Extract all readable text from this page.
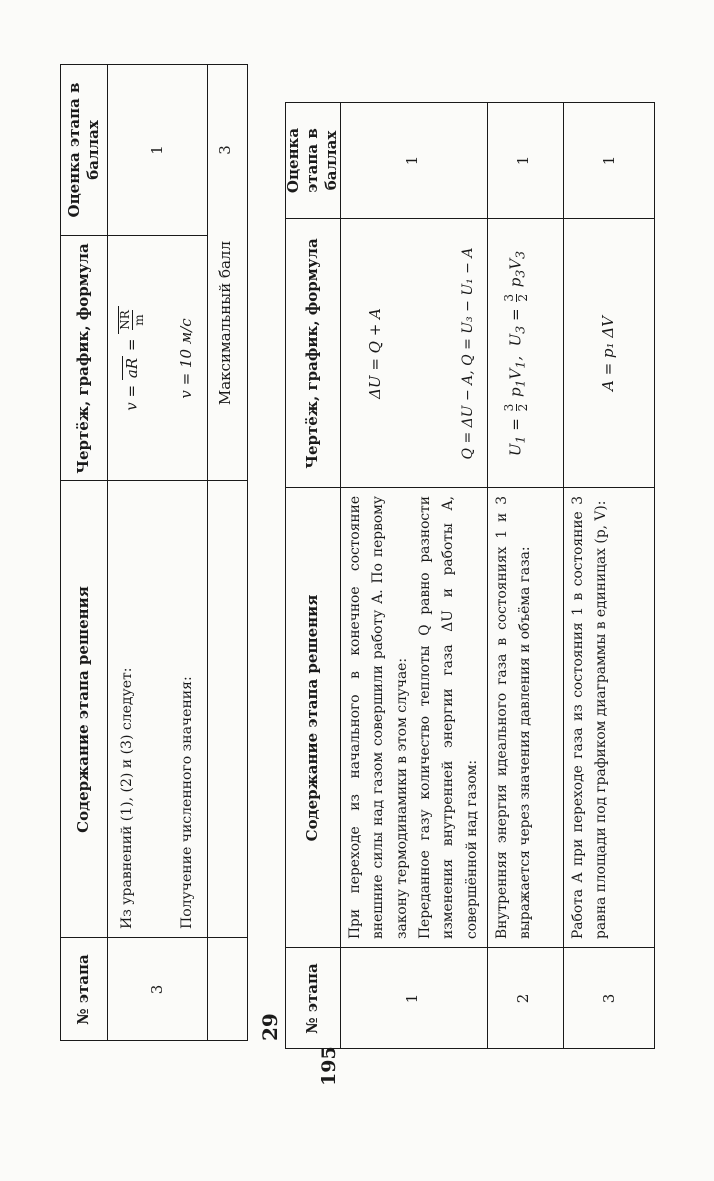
195
29
№ этапа
Содержание этапа решения
Чертёж, график, формула
Оценка этапа в баллах
3
Из уравнений (1), (2) и (3) следует:	Получение численного значения:
v = aR =
NR m v = 10 м/с
1
Максимальный балл
3
№ этапа
Содержание этапа решения
Чертёж, график, формула
Оценка этапа в баллах
1
При переходе из начального в конечное состояние внешние силы над газом совершили работу A. По первому закону термодинамики в этом случае: Переданное газу количество теплоты Q равно разности изменения внутренней энергии газа ΔU и работы A, совершённой над газом:
ΔU = Q + A	Q = ΔU − A, Q = U₃ − U₁ − A
1
2
Внутренняя энергия идеального газа в состояниях 1 и 3 выражается через значения давления и объёма газа:
$U_1$ =
3 2
$p_1V_1$,  $U_3$ =
3 2
$p_3V_3$
1
3
Работа A при переходе газа из состояния 1 в состояние 3 равна площади под графиком диаграммы в единицах (p, V):
A = p₁ ΔV
1
